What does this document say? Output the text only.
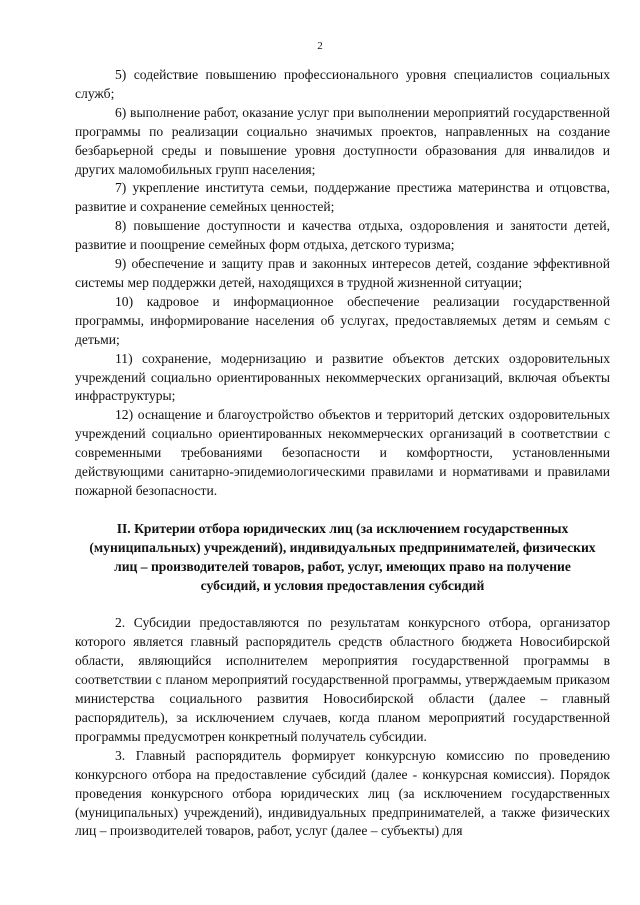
2

5) содействие повышению профессионального уровня специалистов социальных служб;

6) выполнение работ, оказание услуг при выполнении мероприятий государственной программы по реализации социально значимых проектов, направленных на создание безбарьерной среды и повышение уровня доступности образования для инвалидов и других маломобильных групп населения;

7) укрепление института семьи, поддержание престижа материнства и отцовства, развитие и сохранение семейных ценностей;

8) повышение доступности и качества отдыха, оздоровления и занятости детей, развитие и поощрение семейных форм отдыха, детского туризма;

9) обеспечение и защиту прав и законных интересов детей, создание эффективной системы мер поддержки детей, находящихся в трудной жизненной ситуации;

10) кадровое и информационное обеспечение реализации государственной программы, информирование населения об услугах, предоставляемых детям и семьям с детьми;

11) сохранение, модернизацию и развитие объектов детских оздоровительных учреждений социально ориентированных некоммерческих организаций, включая объекты инфраструктуры;

12) оснащение и благоустройство объектов и территорий детских оздоровительных учреждений социально ориентированных некоммерческих организаций в соответствии с современными требованиями безопасности и комфортности, установленными действующими санитарно-эпидемиологическими правилами и нормативами и правилами пожарной безопасности.

II. Критерии отбора юридических лиц (за исключением государственных (муниципальных) учреждений), индивидуальных предпринимателей, физических лиц – производителей товаров, работ, услуг, имеющих право на получение субсидий, и условия предоставления субсидий

2. Субсидии предоставляются по результатам конкурсного отбора, организатор которого является главный распорядитель средств областного бюджета Новосибирской области, являющийся исполнителем мероприятия государственной программы в соответствии с планом мероприятий государственной программы, утверждаемым приказом министерства социального развития Новосибирской области (далее – главный распорядитель), за исключением случаев, когда планом мероприятий государственной программы предусмотрен конкретный получатель субсидии.

3. Главный распорядитель формирует конкурсную комиссию по проведению конкурсного отбора на предоставление субсидий (далее - конкурсная комиссия). Порядок проведения конкурсного отбора юридических лиц (за исключением государственных (муниципальных) учреждений), индивидуальных предпринимателей, а также физических лиц – производителей товаров, работ, услуг (далее – субъекты) для
